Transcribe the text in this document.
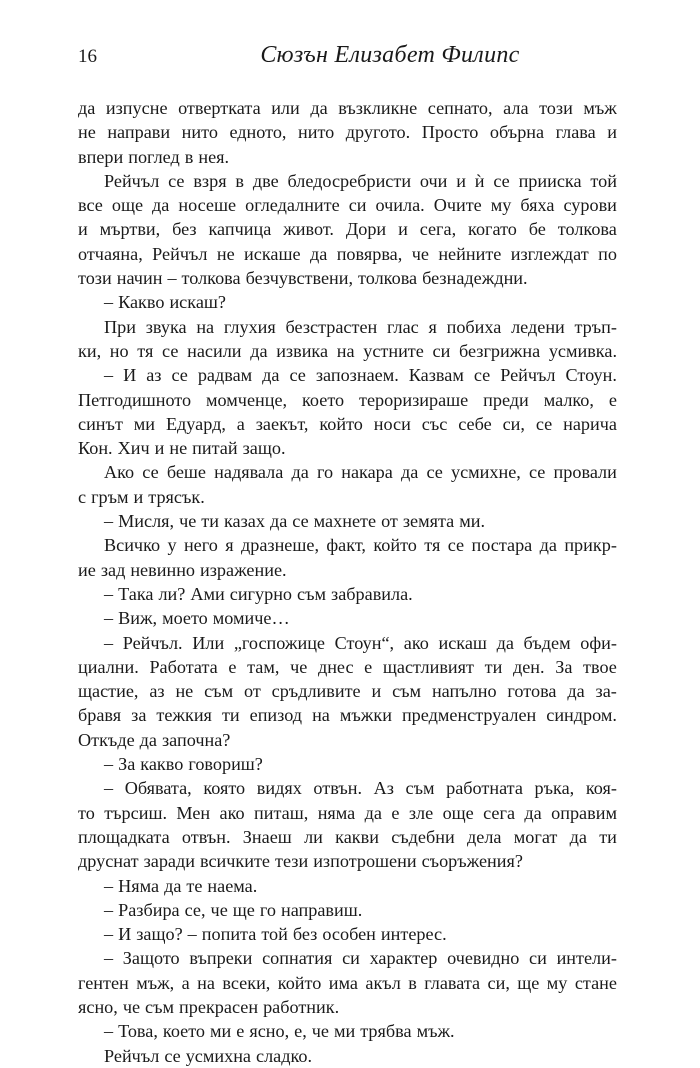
16	Сюзън Елизабет Филипс
да изпусне отвертката или да възкликне сепнато, ала този мъж
не направи нито едното, нито другото. Просто обърна глава и
впери поглед в нея.
Рейчъл се взря в две бледосребристи очи и ѝ се прииска той
все още да носеше огледалните си очила. Очите му бяха сурови
и мъртви, без капчица живот. Дори и сега, когато бе толкова
отчаяна, Рейчъл не искаше да повярва, че нейните изглеждат по
този начин – толкова безчувствени, толкова безнадеждни.
– Какво искаш?
При звука на глухия безстрастен глас я побиха ледени тръп-
ки, но тя се насили да извика на устните си безгрижна усмивка.
– И аз се радвам да се запознаем. Казвам се Рейчъл Стоун.
Петгодишното момченце, което тероризираше преди малко, е
синът ми Едуард, а заекът, който носи със себе си, се нарича
Кон. Хич и не питай защо.
Ако се беше надявала да го накара да се усмихне, се провали
с гръм и трясък.
– Мисля, че ти казах да се махнете от земята ми.
Всичко у него я дразнеше, факт, който тя се постара да прикр-
ие зад невинно изражение.
– Така ли? Ами сигурно съм забравила.
– Виж, моето момиче…
– Рейчъл. Или „госпожице Стоун“, ако искаш да бъдем офи-
циални. Работата е там, че днес е щастливият ти ден. За твое
щастие, аз не съм от сръдливите и съм напълно готова да за-
бравя за тежкия ти епизод на мъжки предменструален синдром.
Откъде да започна?
– За какво говориш?
– Обявата, която видях отвън. Аз съм работната ръка, коя-
то търсиш. Мен ако питаш, няма да е зле още сега да оправим
площадката отвън. Знаеш ли какви съдебни дела могат да ти
друснат заради всичките тези изпотрошени съоръжения?
– Няма да те наема.
– Разбира се, че ще го направиш.
– И защо? – попита той без особен интерес.
– Защото въпреки сопнатия си характер очевидно си интели-
гентен мъж, а на всеки, който има акъл в главата си, ще му стане
ясно, че съм прекрасен работник.
– Това, което ми е ясно, е, че ми трябва мъж.
Рейчъл се усмихна сладко.
